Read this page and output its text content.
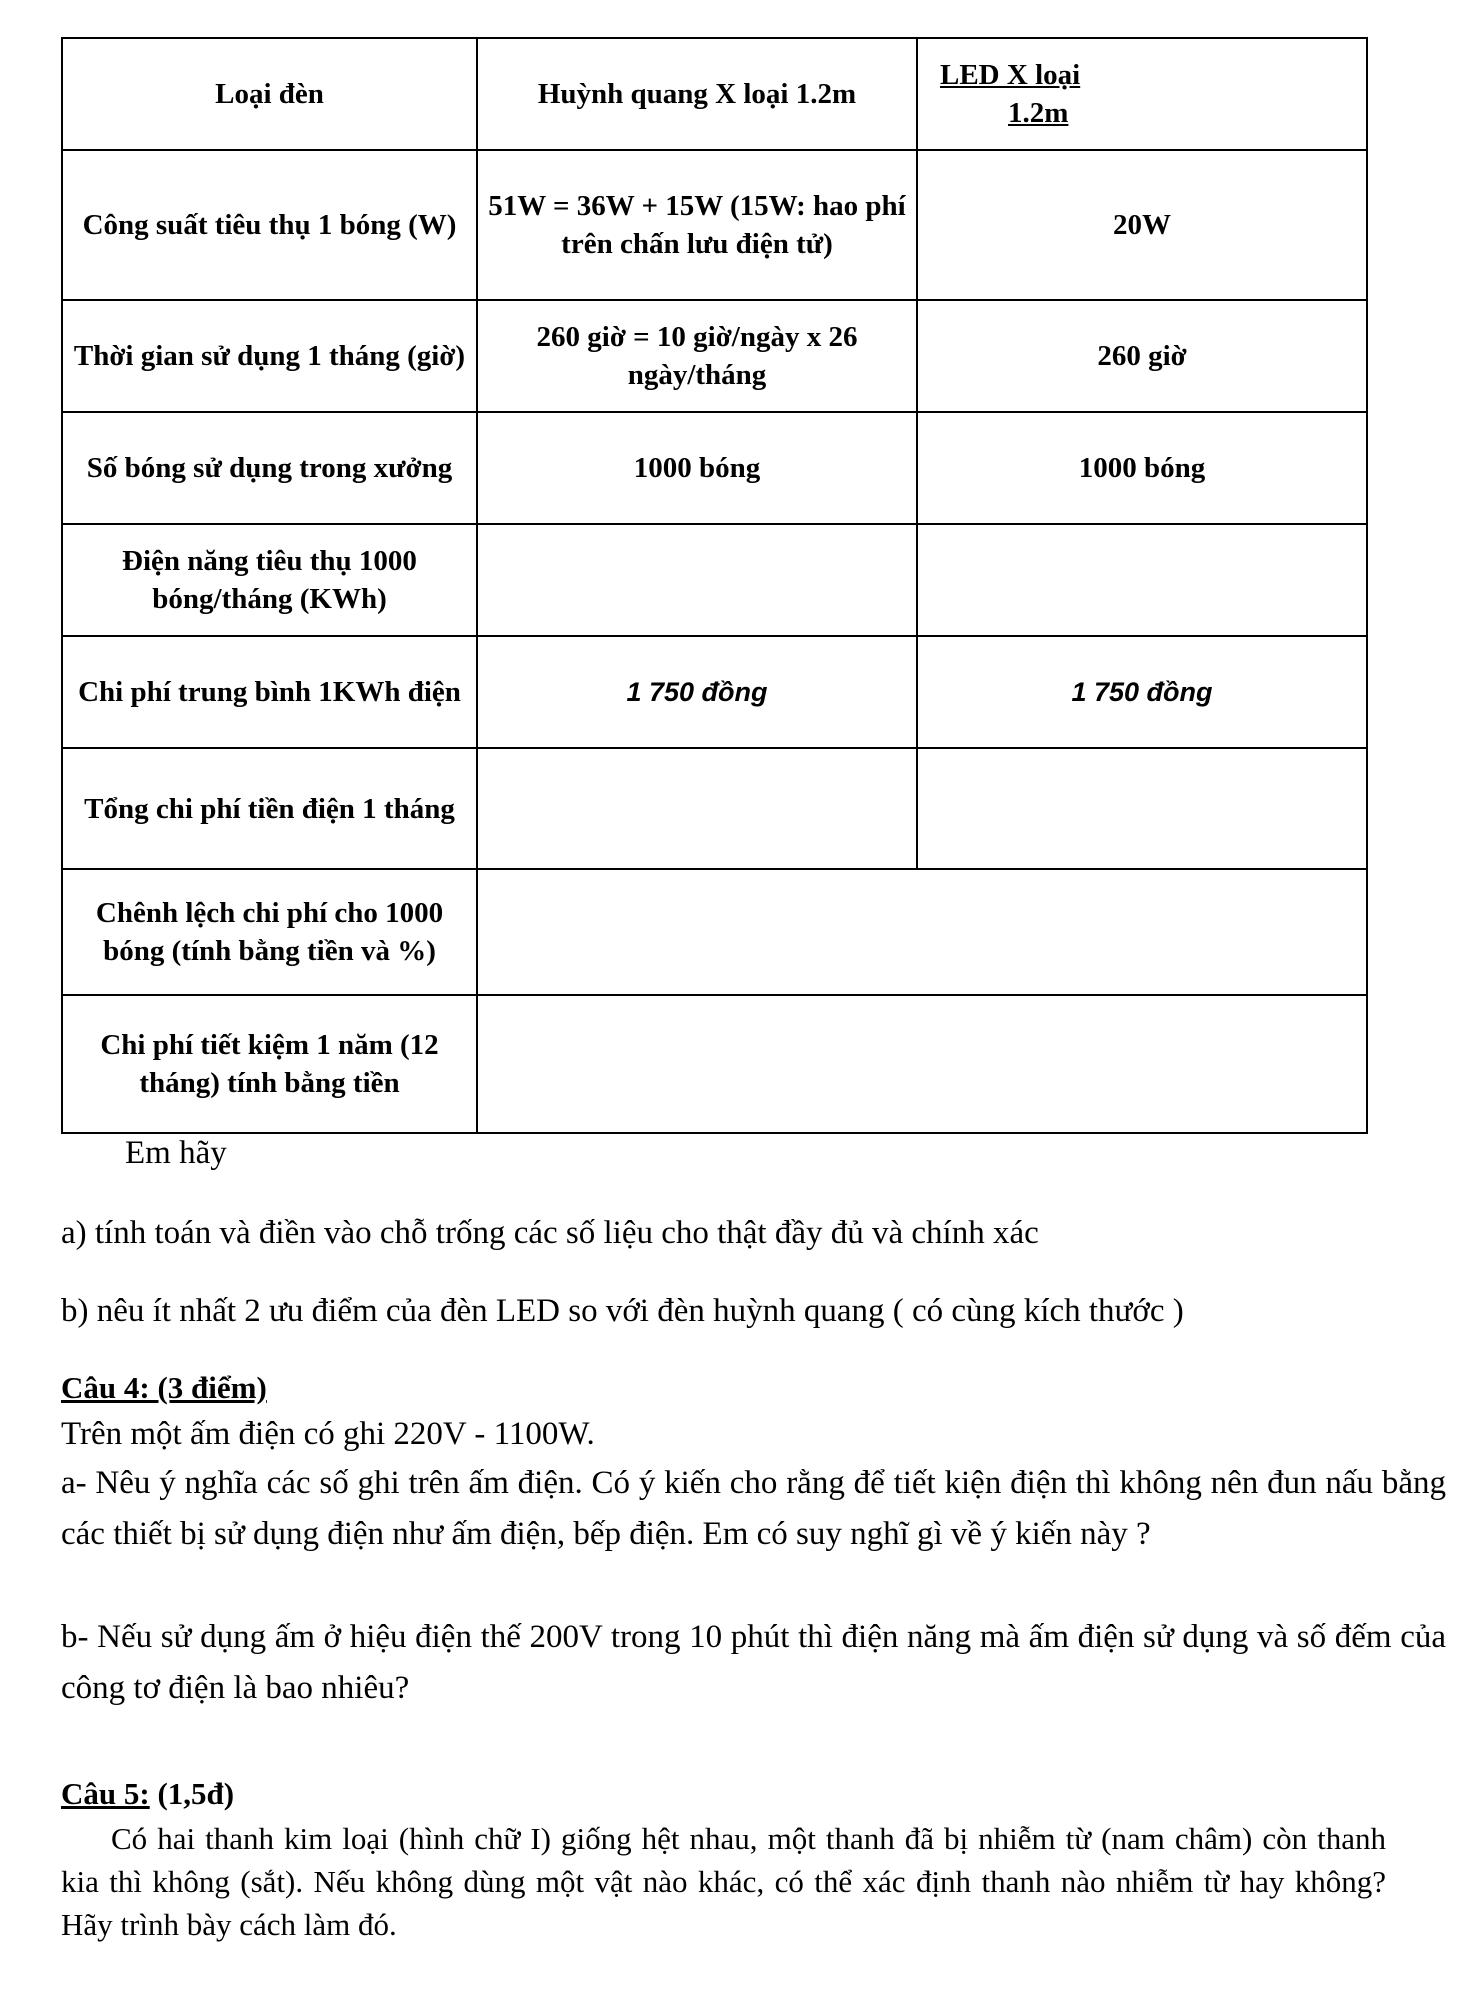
Loại đèn	Huỳnh quang X loại 1.2m	LED X loại
1.2m

Công suất tiêu thụ 1 bóng (W)	51W = 36W + 15W (15W: hao phí trên chấn lưu điện tử)	20W
Thời gian sử dụng 1 tháng (giờ)	260 giờ = 10 giờ/ngày x 26 ngày/tháng	260 giờ
Số bóng sử dụng trong xưởng	1000 bóng	1000 bóng
Điện năng tiêu thụ 1000 bóng/tháng (KWh)		
Chi phí trung bình 1KWh điện	1 750 đồng	1 750 đồng
Tổng chi phí tiền điện 1 tháng		
Chênh lệch chi phí cho 1000 bóng (tính bằng tiền và %)		
Chi phí tiết kiệm 1 năm (12 tháng) tính bằng tiền		
Em hãy
a) tính toán và điền vào chỗ trống các số liệu cho thật đầy đủ và chính xác
b) nêu ít nhất 2 ưu điểm của đèn LED so với đèn huỳnh quang ( có cùng kích thước )
Câu 4: (3 điểm)
Trên một ấm điện có ghi 220V - 1100W.
a- Nêu ý nghĩa các số ghi trên ấm điện. Có ý kiến cho rằng để tiết kiện điện thì không nên đun nấu bằng các thiết bị sử dụng điện như ấm điện, bếp điện. Em có suy nghĩ gì về ý kiến này ?
b- Nếu sử dụng ấm ở hiệu điện thế 200V trong 10 phút thì điện năng mà ấm điện sử dụng và số đếm của công tơ điện là bao nhiêu?
Câu 5: (1,5đ)
Có hai thanh kim loại (hình chữ I) giống hệt nhau, một thanh đã bị nhiễm từ (nam châm) còn thanh kia thì không (sắt). Nếu không dùng một vật nào khác, có thể xác định thanh nào nhiễm từ hay không? Hãy trình bày cách làm đó.
